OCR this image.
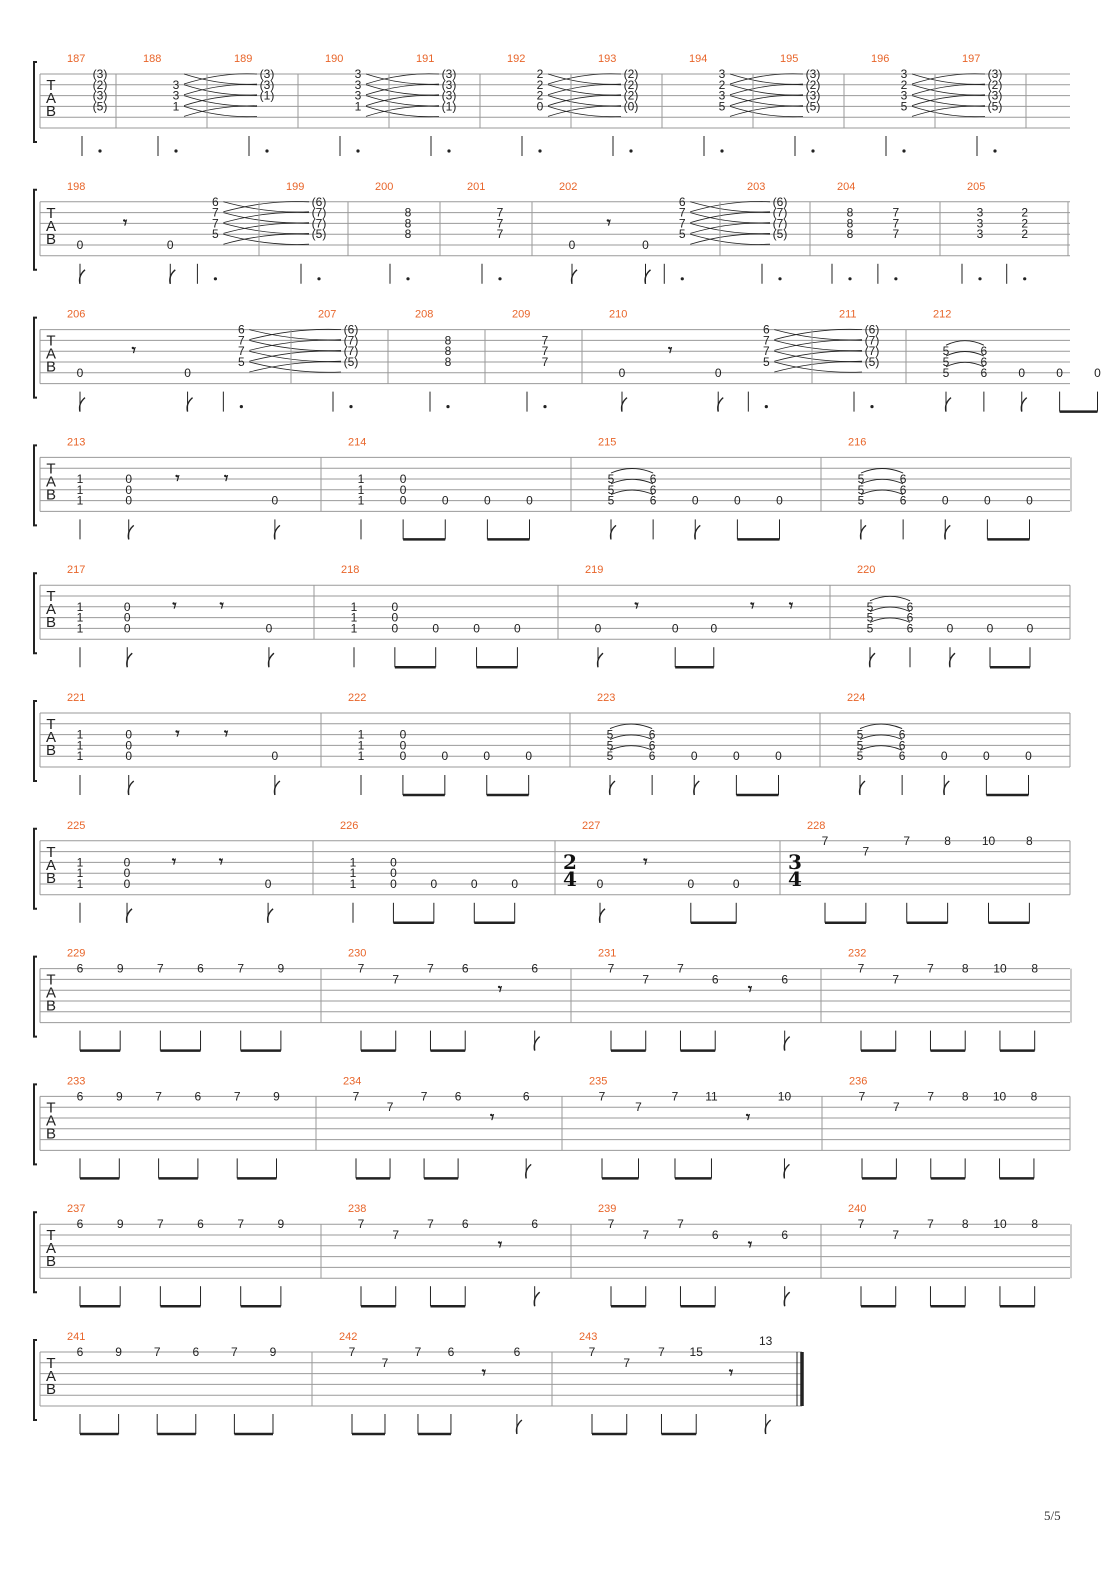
T
A
B
187
(3)
(2)
(3)
(5)
188
3
3
1
189
(3)
(3)
(1)
190
3
3
3
1
191
(3)
(3)
(3)
(1)
192
2
2
2
0
193
(2)
(2)
(2)
(0)
194
3
2
3
5
195
(3)
(2)
(3)
(5)
196
3
2
3
5
197
(3)
(2)
(3)
(5)
T
A
B
198
0
𝄾
0
6
7
7
5
199
(6)
(7)
(7)
(5)
200
8
8
8
201
7
7
7
202
0
𝄾
0
6
7
7
5
203
(6)
(7)
(7)
(5)
204
8
8
8
7
7
7
205
3
3
3
2
2
2
T
A
B
206
0
𝄾
0
6
7
7
5
207
(6)
(7)
(7)
(5)
208
8
8
8
209
7
7
7
210
0
𝄾
0
6
7
7
5
211
(6)
(7)
(7)
(5)
212
5
5
5
6
6
6	0	0	0
T
A
B
213
1
1
1
0
0
0
𝄾	𝄾
0
214
1
1
1
0
0
0	0	0	0
215
5
5
5
6
6
6	0	0	0
216
5
5
5
6
6
6	0	0	0
T
A
B
217
1
1
1
0
0
0
𝄾	𝄾
0
218
1
1
1
0
0
0	0	0	0
219
0
𝄾
0	0
𝄾 𝄾
220
5
5
5
6
6
6	0	0	0
T
A
B
221
1
1
1
0
0
0
𝄾	𝄾
0
222
1
1
1
0
0
0	0	0	0
223
5
5
5
6
6
6	0	0	0
224
5
5
5
6
6
6	0	0	0
T
A
B
225
1
1
1
0
0
0
𝄾	𝄾
0
226
1
1
1
0
0
0	0	0	0
227
2
4 0
𝄾
0	0
228
3
4
7
7
7	8	10	8
T
A
B
229
6	9	7	6	7	9
230
7
7
7 6
𝄾
6
231
7
7
7
6
𝄾
6
232
7
7
7 8 10 8
T
A
B
233
6	9	7	6	7	9
234
7
7
7 6
𝄾
6
235
7
7
7 11
𝄾
10
236
7
7
7 8 10 8
T
A
B
237
6	9	7	6	7	9
238
7
7
7 6
𝄾
6
239
7
7
7
6
𝄾
6
240
7
7
7 8 10 8
T
A
B
241
6	9	7	6	7	9
242
7
7
7 6
𝄾
6
243
7
7
7 15
𝄾
13
5/5
